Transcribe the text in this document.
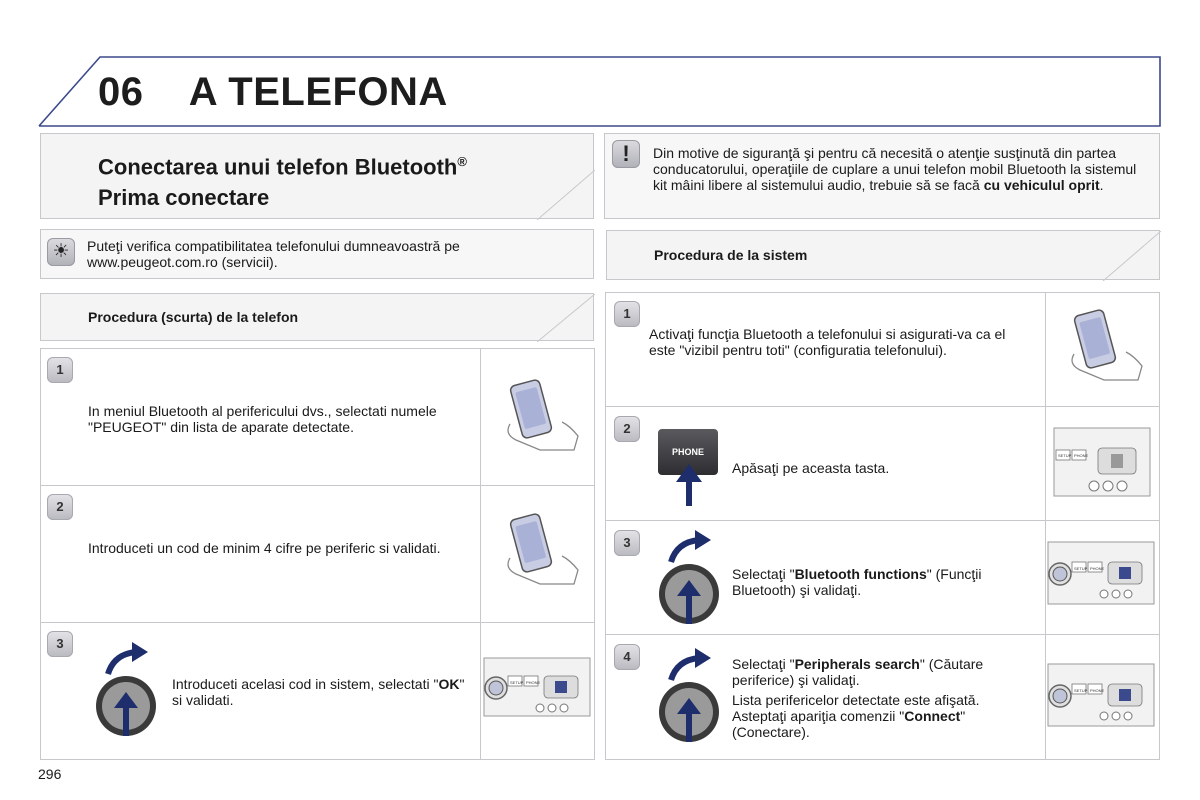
06 A TELEFONA
Conectarea unui telefon Bluetooth®
Prima conectare
!	Din motive de siguranţă şi pentru că necesită o atenţie susţinută din partea conducatorului, operaţiile de cuplare a unui telefon mobil Bluetooth la sistemul kit mâini libere al sistemului audio, trebuie să se facă cu vehiculul oprit.
☀	Puteţi verifica compatibilitatea telefonului dumneavoastră pe www.peugeot.com.ro (servicii).	Procedura de la sistem
Procedura (scurta) de la telefon
1
In meniul Bluetooth al perifericului dvs., selectati numele "PEUGEOT" din lista de aparate detectate.
2
Introduceti un cod de minim 4 cifre pe periferic si validati.
3
Introduceti acelasi cod in sistem, selectati "OK" si validati.
SETUP PHONE
1
Activaţi funcţia Bluetooth a telefonului si asigurati-va ca el este "vizibil pentru toti" (configuratia telefonului).
2
Apăsaţi pe aceasta tasta.
3
Selectaţi "Bluetooth functions" (Funcţii Bluetooth) şi validaţi.
4	Selectaţi "Peripherals search" (Căutare periferice) şi validaţi.
Lista perifericelor detectate este afişată. Asteptaţi apariţia comenzii "Connect" (Conectare).
PHONE	SETUP PHONE
SETUP PHONE
SETUP PHONE
296
